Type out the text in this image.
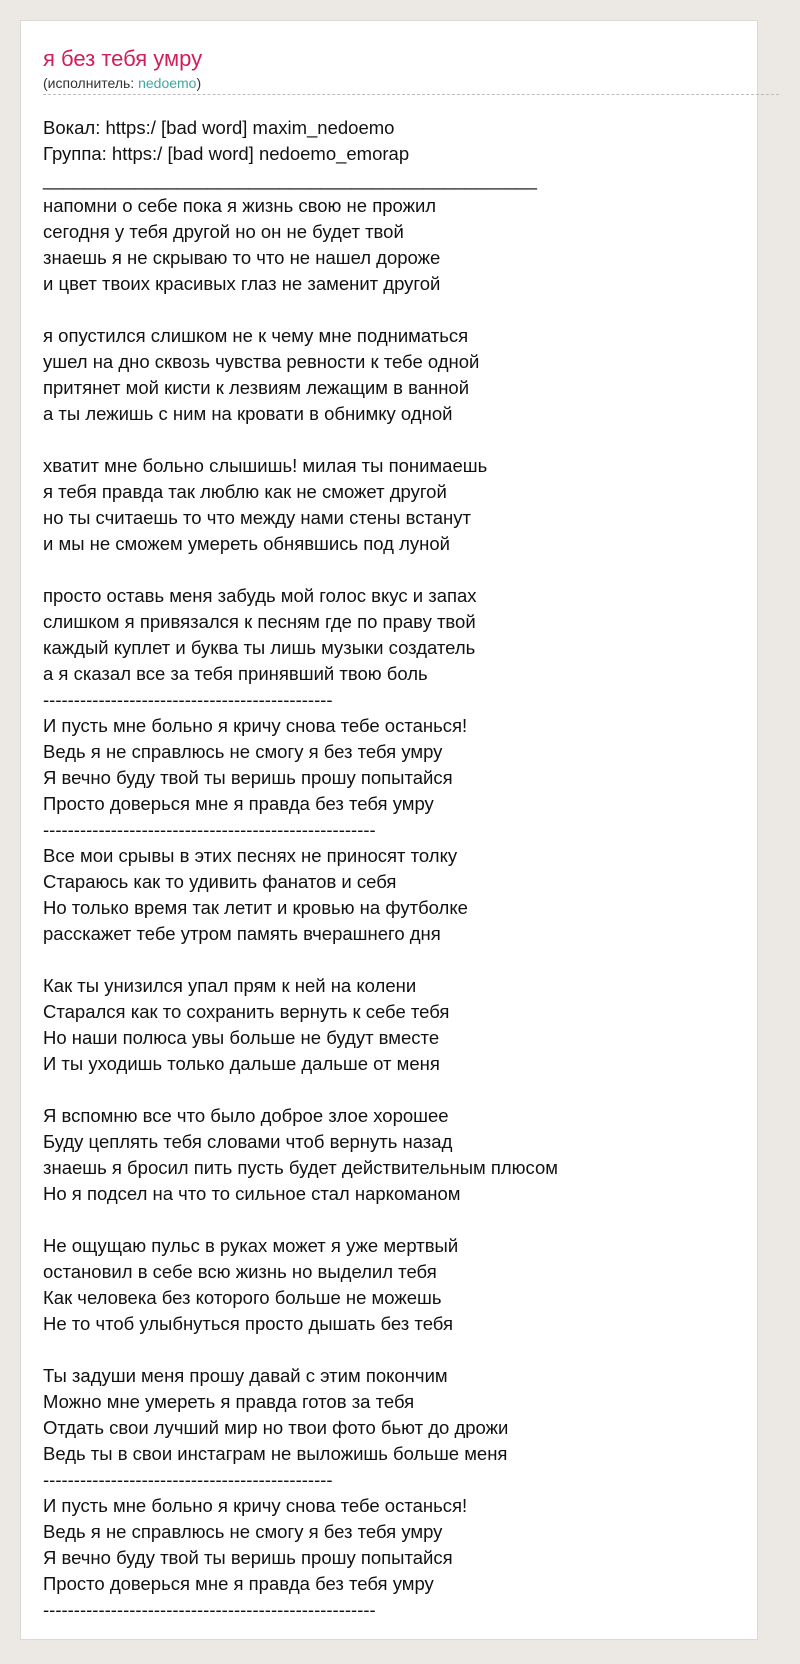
я без тебя умру
(исполнитель: nedoemo)
Вокал: https:/ [bad word] maxim_nedoemo
Группа: https:/ [bad word] nedoemo_emorap
________________________________________________
напомни о себе пока я жизнь свою не прожил
сегодня у тебя другой но он не будет твой
знаешь я не скрываю то что не нашел дороже
и цвет твоих красивых глаз не заменит другой
я опустился слишком не к чему мне подниматься
ушел на дно сквозь чувства ревности к тебе одной
притянет мой кисти к лезвиям лежащим в ванной
а ты лежишь с ним на кровати в обнимку одной
хватит мне больно слышишь! милая ты понимаешь
я тебя правда так люблю как не сможет другой
но ты считаешь то что между нами стены встанут
и мы не сможем умереть обнявшись под луной
просто оставь меня забудь мой голос вкус и запах
слишком я привязался к песням где по праву твой
каждый куплет и буква ты лишь музыки создатель
а я сказал все за тебя принявший твою боль
-----------------------------------------------
И пусть мне больно я кричу снова тебе останься!
Ведь я не справлюсь не смогу я без тебя умру
Я вечно буду твой ты веришь прошу попытайся
Просто доверься мне я правда без тебя умру
------------------------------------------------------
Все мои срывы в этих песнях не приносят толку
Стараюсь как то удивить фанатов и себя
Но только время так летит и кровью на футболке
расскажет тебе утром память вчерашнего дня
Как ты унизился упал прям к ней на колени
Старался как то сохранить вернуть к себе тебя
Но наши полюса увы больше не будут вместе
И ты уходишь только дальше дальше от меня
Я вспомню все что было доброе злое хорошее
Буду цеплять тебя словами чтоб вернуть назад
знаешь я бросил пить пусть будет действительным плюсом
Но я подсел на что то сильное стал наркоманом
Не ощущаю пульс в руках может я уже мертвый
остановил в себе всю жизнь но выделил тебя
Как человека без которого больше не можешь
Не то чтоб улыбнуться просто дышать без тебя
Ты задуши меня прошу давай с этим покончим
Можно мне умереть я правда готов за тебя
Отдать свои лучший мир но твои фото бьют до дрожи
Ведь ты в свои инстаграм не выложишь больше меня
-----------------------------------------------
И пусть мне больно я кричу снова тебе останься!
Ведь я не справлюсь не смогу я без тебя умру
Я вечно буду твой ты веришь прошу попытайся
Просто доверься мне я правда без тебя умру
------------------------------------------------------
